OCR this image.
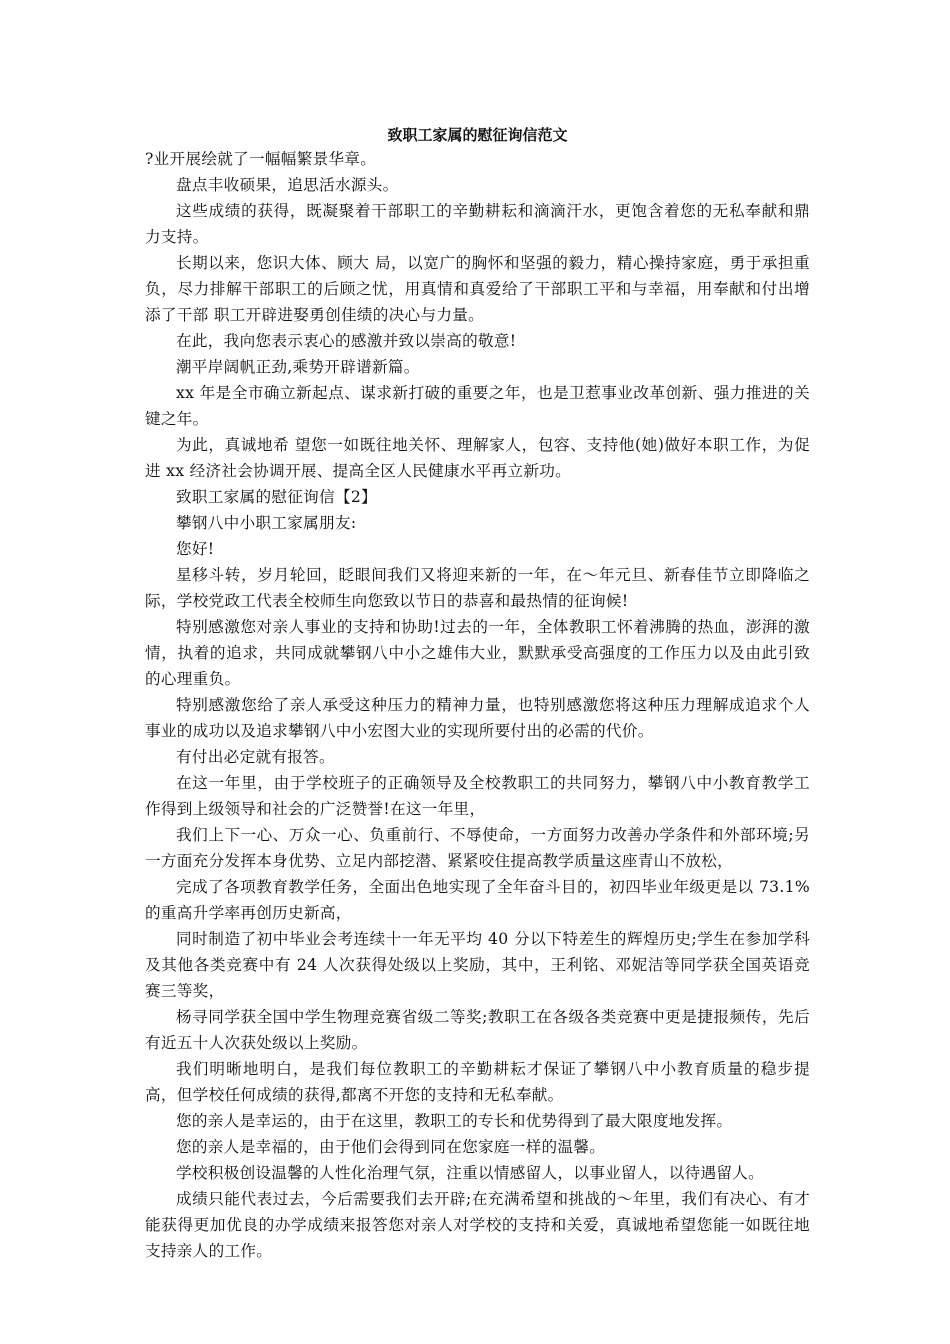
致职工家属的慰征询信范文

?业开展绘就了一幅幅繁景华章。

盘点丰收硕果，追思活水源头。

这些成绩的获得，既凝聚着干部职工的辛勤耕耘和滴滴汗水，更饱含着您的无私奉献和鼎力支持。

长期以来，您识大体、顾大 局，以宽广的胸怀和坚强的毅力，精心操持家庭，勇于承担重负，尽力排解干部职工的后顾之忧，用真情和真爱给了干部职工平和与幸福，用奉献和付出增添了干部 职工开辟进娶勇创佳绩的决心与力量。

在此，我向您表示衷心的感激并致以崇高的敬意!

潮平岸阔帆正劲,乘势开辟谱新篇。

xx 年是全市确立新起点、谋求新打破的重要之年，也是卫惹事业改革创新、强力推进的关键之年。

为此，真诚地希 望您一如既往地关怀、理解家人，包容、支持他(她)做好本职工作，为促进 xx 经济社会协调开展、提高全区人民健康水平再立新功。

致职工家属的慰征询信【2】

攀钢八中小职工家属朋友:

您好!

星移斗转，岁月轮回，眨眼间我们又将迎来新的一年，在～年元旦、新春佳节立即降临之际，学校党政工代表全校师生向您致以节日的恭喜和最热情的征询候!

特别感激您对亲人事业的支持和协助!过去的一年，全体教职工怀着沸腾的热血，澎湃的激情，执着的追求，共同成就攀钢八中小之雄伟大业，默默承受高强度的工作压力以及由此引致的心理重负。

特别感激您给了亲人承受这种压力的精神力量，也特别感激您将这种压力理解成追求个人事业的成功以及追求攀钢八中小宏图大业的实现所要付出的必需的代价。

有付出必定就有报答。

在这一年里，由于学校班子的正确领导及全校教职工的共同努力，攀钢八中小教育教学工作得到上级领导和社会的广泛赞誉!在这一年里，

我们上下一心、万众一心、负重前行、不辱使命，一方面努力改善办学条件和外部环境;另一方面充分发挥本身优势、立足内部挖潜、紧紧咬住提高教学质量这座青山不放松，

完成了各项教育教学任务，全面出色地实现了全年奋斗目的，初四毕业年级更是以 73.1%的重高升学率再创历史新高，

同时制造了初中毕业会考连续十一年无平均 40 分以下特差生的辉煌历史;学生在参加学科及其他各类竞赛中有 24 人次获得处级以上奖励，其中，王利铭、邓妮洁等同学获全国英语竞赛三等奖，

杨寻同学获全国中学生物理竞赛省级二等奖;教职工在各级各类竞赛中更是捷报频传，先后有近五十人次获处级以上奖励。

我们明晰地明白，是我们每位教职工的辛勤耕耘才保证了攀钢八中小教育质量的稳步提高，但学校任何成绩的获得,都离不开您的支持和无私奉献。

您的亲人是幸运的，由于在这里，教职工的专长和优势得到了最大限度地发挥。

您的亲人是幸福的，由于他们会得到同在您家庭一样的温馨。

学校积极创设温馨的人性化治理气氛，注重以情感留人，以事业留人，以待遇留人。

成绩只能代表过去，今后需要我们去开辟;在充满希望和挑战的～年里，我们有决心、有才能获得更加优良的办学成绩来报答您对亲人对学校的支持和关爱，真诚地希望您能一如既往地支持亲人的工作。
